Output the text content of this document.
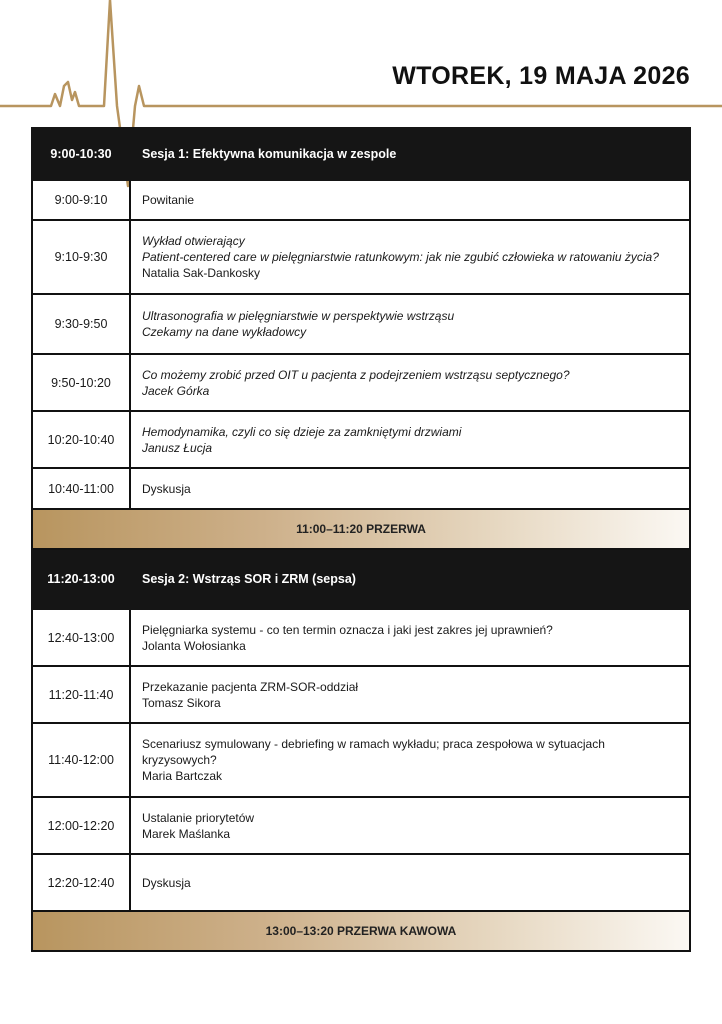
WTOREK, 19 MAJA 2026
9:00-10:30	Sesja 1: Efektywna komunikacja w zespole
9:00-9:10	Powitanie

9:10-9:30	Wykład otwierający
Patient-centered care w pielęgniarstwie ratunkowym: jak nie zgubić człowieka w ratowaniu życia?
Natalia Sak-Dankosky

9:30-9:50	Ultrasonografia w pielęgniarstwie w perspektywie wstrząsu
Czekamy na dane wykładowcy

9:50-10:20	Co możemy zrobić przed OIT u pacjenta z podejrzeniem wstrząsu septycznego?
Jacek Górka

10:20-10:40	Hemodynamika, czyli co się dzieje za zamkniętymi drzwiami
Janusz Łucja

10:40-11:00	Dyskusja

11:00–11:20 PRZERWA	
11:20-13:00	Sesja 2: Wstrząs SOR i ZRM (sepsa)
12:40-13:00	Pielęgniarka systemu - co ten termin oznacza i jaki jest zakres jej uprawnień?
Jolanta Wołosianka

11:20-11:40	Przekazanie pacjenta ZRM-SOR-oddział
Tomasz Sikora

11:40-12:00	Scenariusz symulowany - debriefing w ramach wykładu; praca zespołowa w sytuacjach kryzysowych?
Maria Bartczak

12:00-12:20	Ustalanie priorytetów
Marek Maślanka

12:20-12:40	Dyskusja

13:00–13:20 PRZERWA KAWOWA	
